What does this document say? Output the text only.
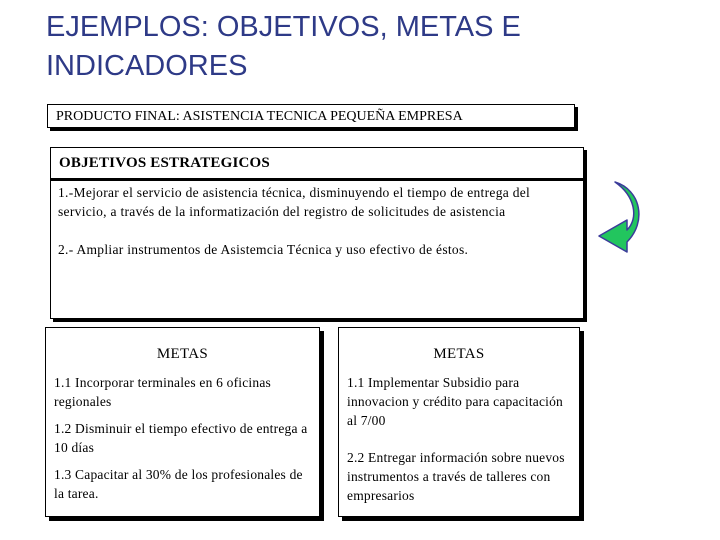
EJEMPLOS: OBJETIVOS, METAS E INDICADORES
PRODUCTO FINAL: ASISTENCIA TECNICA PEQUEÑA EMPRESA
OBJETIVOS ESTRATEGICOS

1.-Mejorar el servicio de asistencia técnica, disminuyendo el tiempo de entrega del servicio, a través de la informatización del registro de solicitudes de asistencia

2.- Ampliar instrumentos de Asistemcia Técnica y uso efectivo de éstos.

METAS

1.1 Incorporar terminales en 6 oficinas regionales

1.2 Disminuir el tiempo efectivo de entrega a 10 días

1.3 Capacitar al 30% de los profesionales de la tarea.

METAS

1.1 Implementar Subsidio para innovacion y crédito para capacitación al 7/00

2.2 Entregar información sobre nuevos instrumentos a través de talleres con empresarios
